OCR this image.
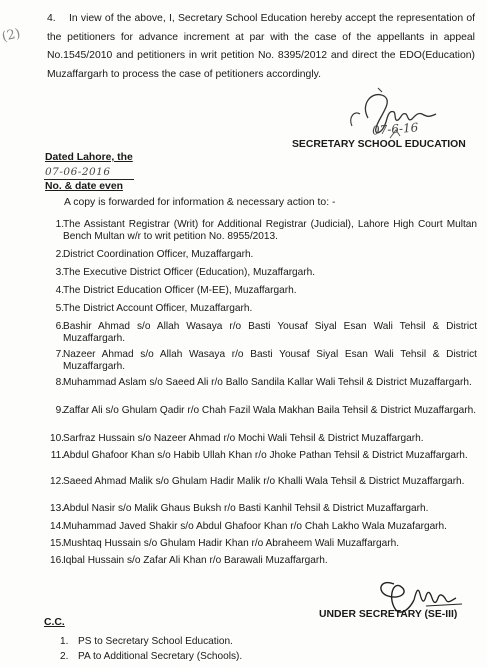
(2)

4. In view of the above, I, Secretary School Education hereby accept the representation of the petitioners for advance increment at par with the case of the appellants in appeal No.1545/2010 and petitioners in writ petition No. 8395/2012 and direct the EDO(Education) Muzaffargarh to process the case of petitioners accordingly.

07-6-16
SECRETARY SCHOOL EDUCATION
Dated Lahore, the
07-06-2016
No. & date even
A copy is forwarded for information & necessary action to: -
1. The Assistant Registrar (Writ) for Additional Registrar (Judicial), Lahore High Court Multan Bench Multan w/r to writ petition No. 8955/2013.
2. District Coordination Officer, Muzaffargarh.
3. The Executive District Officer (Education), Muzaffargarh.
4. The District Education Officer (M-EE), Muzaffargarh.
5. The District Account Officer, Muzaffargarh.
6. Bashir Ahmad s/o Allah Wasaya r/o Basti Yousaf Siyal Esan Wali Tehsil & District Muzaffargarh.
7. Nazeer Ahmad s/o Allah Wasaya r/o Basti Yousaf Siyal Esan Wali Tehsil & District Muzaffargarh.
8. Muhammad Aslam s/o Saeed Ali r/o Ballo Sandila Kallar Wali Tehsil & District Muzaffargarh.
9. Zaffar Ali s/o Ghulam Qadir r/o Chah Fazil Wala Makhan Baila Tehsil & District Muzaffargarh.
10. Sarfraz Hussain s/o Nazeer Ahmad r/o Mochi Wali Tehsil & District Muzaffargarh.
11. Abdul Ghafoor Khan s/o Habib Ullah Khan r/o Jhoke Pathan Tehsil & District Muzaffargarh.
12. Saeed Ahmad Malik s/o Ghulam Hadir Malik r/o Khalli Wala Tehsil & District Muzaffargarh.
13. Abdul Nasir s/o Malik Ghaus Buksh r/o Basti Kanhil Tehsil & District Muzaffargarh.
14. Muhammad Javed Shakir s/o Abdul Ghafoor Khan r/o Chah Lakho Wala Muzafargarh.
15. Mushtaq Hussain s/o Ghulam Hadir Khan r/o Abraheem Wali Muzaffargarh.
16. Iqbal Hussain s/o Zafar Ali Khan r/o Barawali Muzaffargarh.
UNDER SECRETARY (SE-III)
C.C.
1. PS to Secretary School Education.
2. PA to Additional Secretary (Schools).
